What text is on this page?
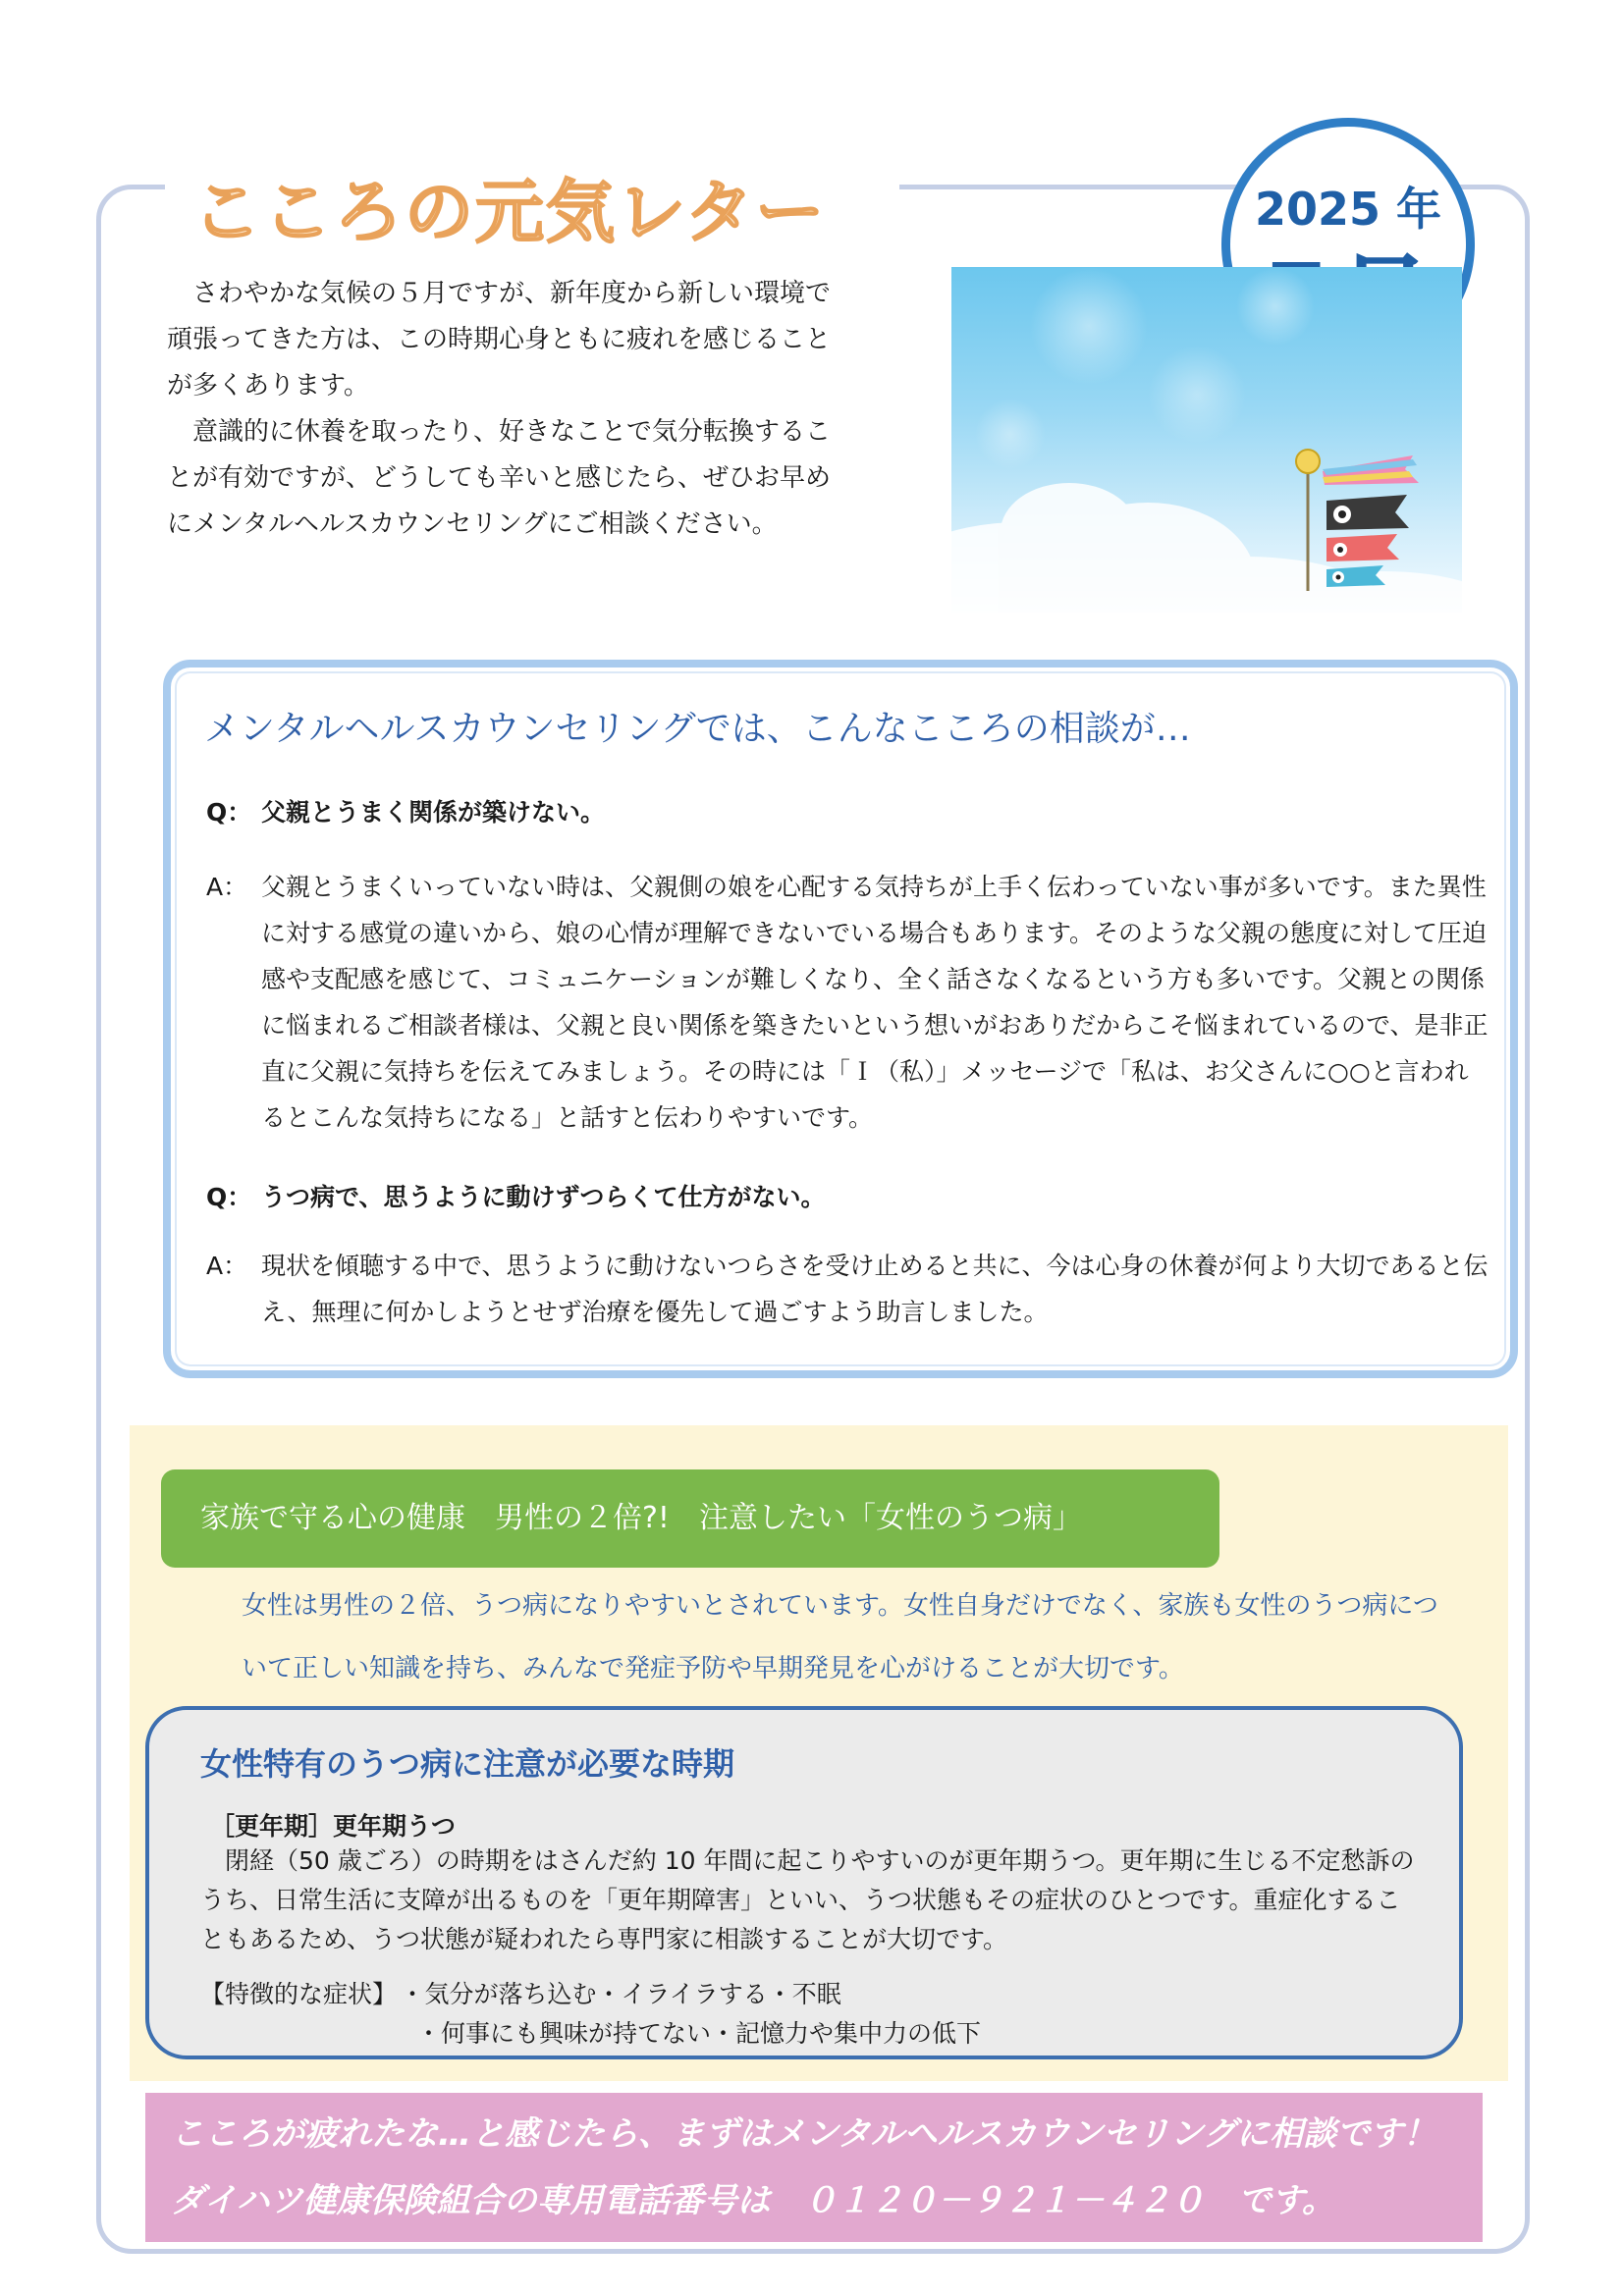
こころの元気レター	2025 年

さわやかな気候の５月ですが、新年度から新しい環境で頑張ってきた方は、この時期心身ともに疲れを感じることが多くあります。

意識的に休養を取ったり、好きなことで気分転換することが有効ですが、どうしても辛いと感じたら、ぜひお早めにメンタルヘルスカウンセリングにご相談ください。

メンタルヘルスカウンセリングでは、こんなこころの相談が…

Q： 父親とうまく関係が築けない。

A： 父親とうまくいっていない時は、父親側の娘を心配する気持ちが上手く伝わっていない事が多いです。また異性に対する感覚の違いから、娘の心情が理解できないでいる場合もあります。そのような父親の態度に対して圧迫感や支配感を感じて、コミュニケーションが難しくなり、全く話さなくなるという方も多いです。父親との関係に悩まれるご相談者様は、父親と良い関係を築きたいという想いがおありだからこそ悩まれているので、是非正直に父親に気持ちを伝えてみましょう。その時には「Ｉ（私）」メッセージで「私は、お父さんに○○と言われるとこんな気持ちになる」と話すと伝わりやすいです。

Q： うつ病で、思うように動けずつらくて仕方がない。

A： 現状を傾聴する中で、思うように動けないつらさを受け止めると共に、今は心身の休養が何より大切であると伝え、無理に何かしようとせず治療を優先して過ごすよう助言しました。
家族で守る心の健康　男性の２倍?!　注意したい「女性のうつ病」

女性は男性の２倍、うつ病になりやすいとされています。女性自身だけでなく、家族も女性のうつ病について正しい知識を持ち、みんなで発症予防や早期発見を心がけることが大切です。

女性特有のうつ病に注意が必要な時期

［更年期］更年期うつ

閉経（50 歳ごろ）の時期をはさんだ約 10 年間に起こりやすいのが更年期うつ。更年期に生じる不定愁訴のうち、日常生活に支障が出るものを「更年期障害」といい、うつ状態もその症状のひとつです。重症化することもあるため、うつ状態が疑われたら専門家に相談することが大切です。

【特徴的な症状】 ・気分が落ち込む・イライラする・不眠

・何事にも興味が持てない・記憶力や集中力の低下

こころが疲れたな…と感じたら、まずはメンタルヘルスカウンセリングに相談です！

ダイハツ健康保険組合の専用電話番号は　０１２０－９２１－４２０　です。
